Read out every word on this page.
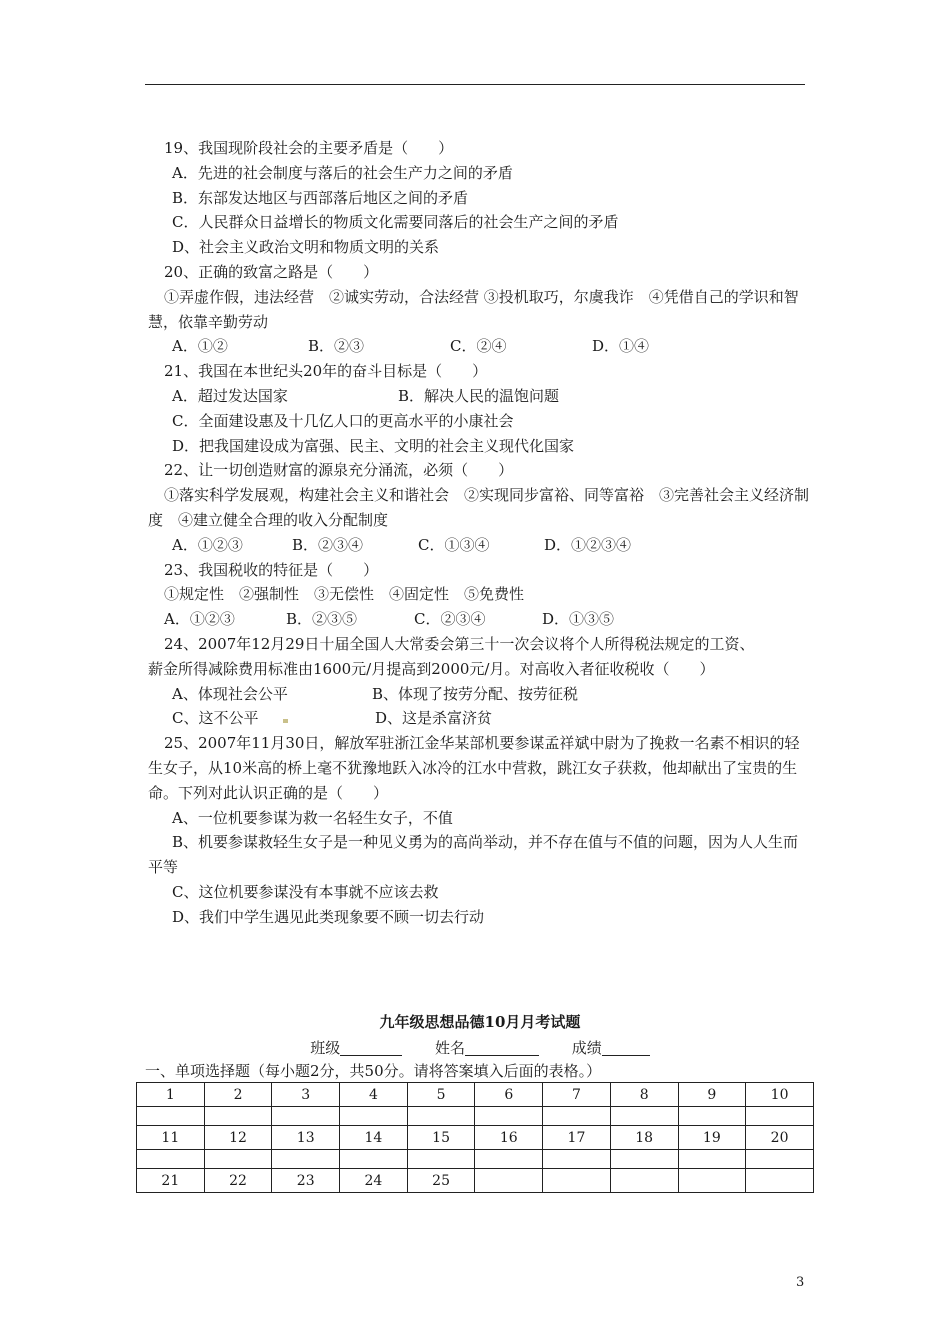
19、我国现阶段社会的主要矛盾是（　　）
A．先进的社会制度与落后的社会生产力之间的矛盾
B．东部发达地区与西部落后地区之间的矛盾
C．人民群众日益增长的物质文化需要同落后的社会生产之间的矛盾
D、社会主义政治文明和物质文明的关系
20、正确的致富之路是（　　）
①弄虚作假，违法经营　②诚实劳动，合法经营 ③投机取巧，尔虞我诈　④凭借自己的学识和智慧，依靠辛勤劳动
A．①②	B．②③	C．②④	D．①④
21、我国在本世纪头20年的奋斗目标是（　　）
A．超过发达国家	B．解决人民的温饱问题
C．全面建设惠及十几亿人口的更高水平的小康社会
D．把我国建设成为富强、民主、文明的社会主义现代化国家
22、让一切创造财富的源泉充分涌流，必须（　　）
①落实科学发展观，构建社会主义和谐社会　②实现同步富裕、同等富裕　③完善社会主义经济制度　④建立健全合理的收入分配制度
A．①②③	B．②③④	C．①③④	D．①②③④
23、我国税收的特征是（　　）
①规定性　②强制性　③无偿性　④固定性　⑤免费性
A．①②③	B．②③⑤	C．②③④	D．①③⑤
24、2007年12月29日十届全国人大常委会第三十一次会议将个人所得税法规定的工资、
薪金所得减除费用标准由1600元/月提高到2000元/月。对高收入者征收税收（　　）
A、体现社会公平	B、体现了按劳分配、按劳征税
C、这不公平	D、这是杀富济贫
25、2007年11月30日，解放军驻浙江金华某部机要参谋孟祥斌中尉为了挽救一名素不相识的轻生女子，从10米高的桥上毫不犹豫地跃入冰冷的江水中营救，跳江女子获救，他却献出了宝贵的生命。下列对此认识正确的是（　　）
A、一位机要参谋为救一名轻生女子，不值
B、机要参谋救轻生女子是一种见义勇为的高尚举动，并不存在值与不值的问题，因为人人生而平等
C、这位机要参谋没有本事就不应该去救
D、我们中学生遇见此类现象要不顾一切去行动
九年级思想品德10月月考试题
班级	姓名	成绩
一、单项选择题（每小题2分，共50分。请将答案填入后面的表格。）
1	2	3	4	5	6	7	8	9	10

11	12	13	14	15	16	17	18	19	20

21	22	23	24	25					
3
